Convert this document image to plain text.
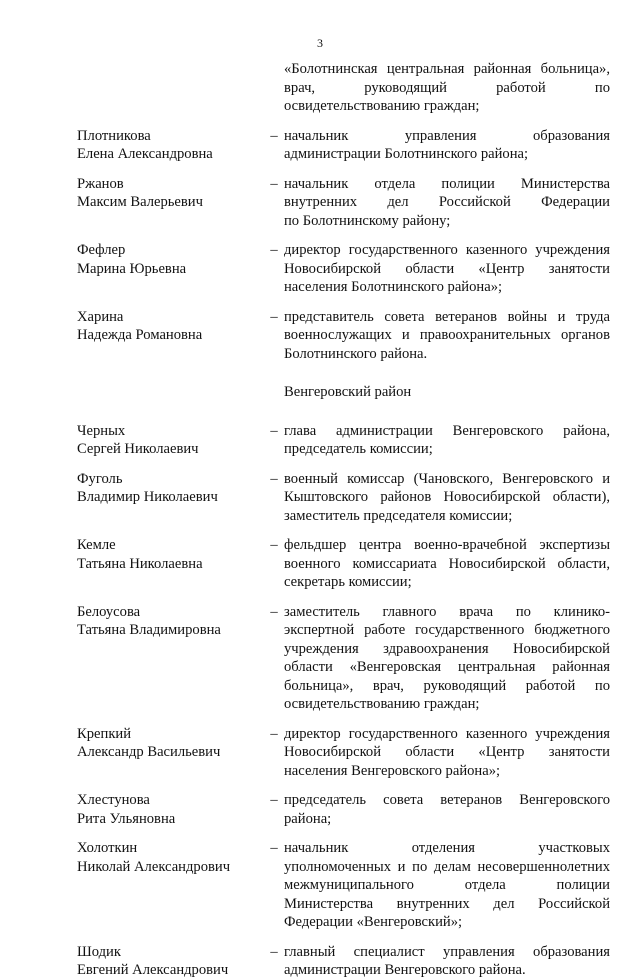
3
«Болотнинская центральная районная больница»,
врач, руководящий работой по
освидетельствованию граждан;
Плотникова
Елена Александровна
– начальник управления образования
администрации Болотнинского района;
Ржанов
Максим Валерьевич
– начальник отдела полиции Министерства
внутренних дел Российской Федерации
по Болотнинскому району;
Фефлер
Марина Юрьевна
– директор государственного казенного учреждения
Новосибирской области «Центр занятости
населения Болотнинского района»;
Харина
Надежда Романовна
– представитель совета ветеранов войны и труда
военнослужащих и правоохранительных органов
Болотнинского района.
Венгеровский район
Черных
Сергей Николаевич
– глава администрации Венгеровского района,
председатель комиссии;
Фуголь
Владимир Николаевич
– военный комиссар (Чановского, Венгеровского и
Кыштовского районов Новосибирской области),
заместитель председателя комиссии;
Кемле
Татьяна Николаевна
– фельдшер центра военно-врачебной экспертизы
военного комиссариата Новосибирской области,
секретарь комиссии;
Белоусова
Татьяна Владимировна
– заместитель главного врача по клинико-
экспертной работе государственного бюджетного
учреждения здравоохранения Новосибирской
области «Венгеровская центральная районная
больница», врач, руководящий работой по
освидетельствованию граждан;
Крепкий
Александр Васильевич
– директор государственного казенного учреждения
Новосибирской области «Центр занятости
населения Венгеровского района»;
Хлестунова
Рита Ульяновна
– председатель совета ветеранов Венгеровского
района;
Холоткин
Николай Александрович
– начальник отделения участковых
уполномоченных и по делам несовершеннолетних
межмуниципального отдела полиции
Министерства внутренних дел Российской
Федерации «Венгеровский»;
Шодик
Евгений Александрович
– главный специалист управления образования
администрации Венгеровского района.
